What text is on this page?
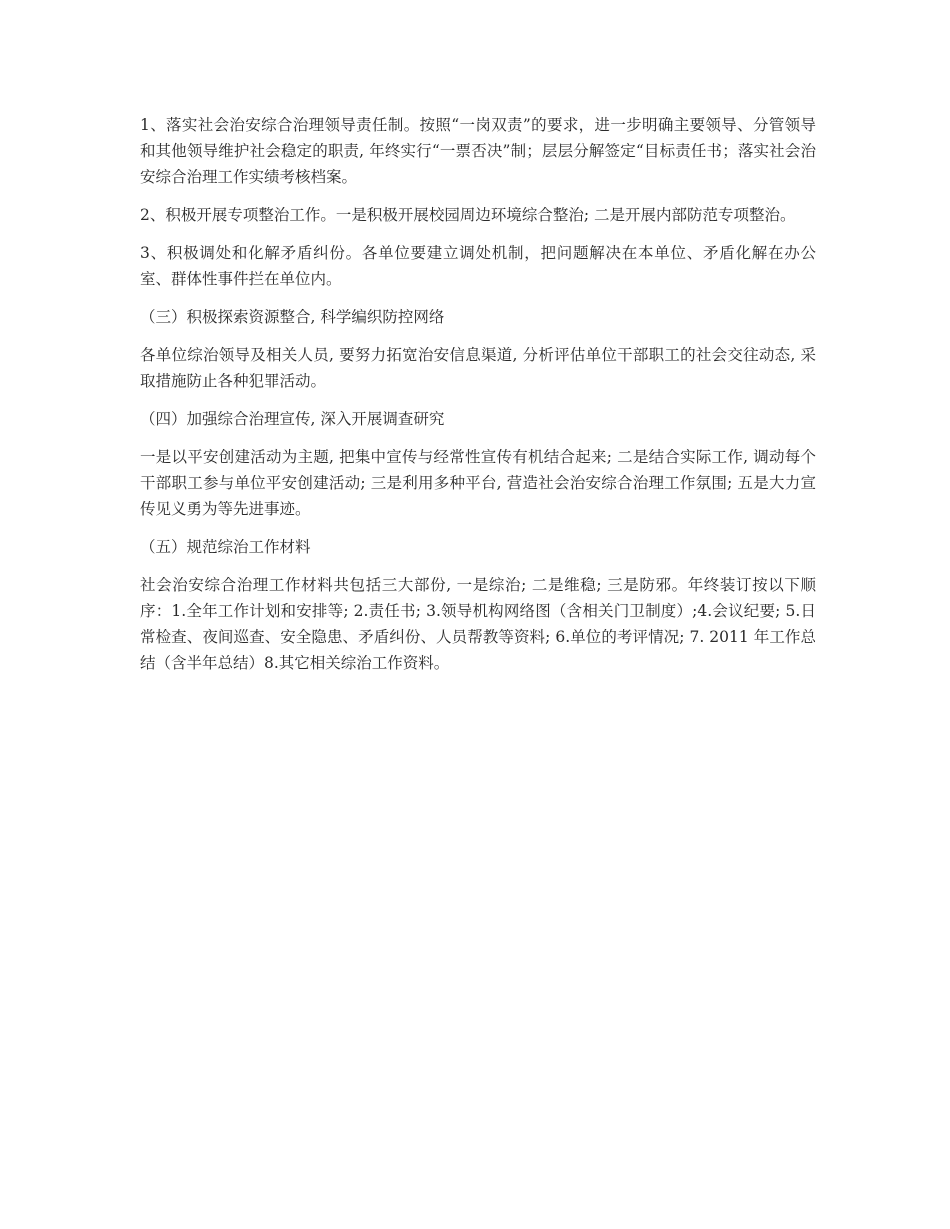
1、落实社会治安综合治理领导责任制。按照“一岗双责”的要求，进一步明确主要领导、分管领导和其他领导维护社会稳定的职责, 年终实行“一票否决”制；层层分解签定“目标责任书；落实社会治安综合治理工作实绩考核档案。

2、积极开展专项整治工作。一是积极开展校园周边环境综合整治; 二是开展内部防范专项整治。

3、积极调处和化解矛盾纠份。各单位要建立调处机制，把问题解决在本单位、矛盾化解在办公室、群体性事件拦在单位内。

（三）积极探索资源整合, 科学编织防控网络

各单位综治领导及相关人员, 要努力拓宽治安信息渠道, 分析评估单位干部职工的社会交往动态, 采取措施防止各种犯罪活动。

（四）加强综合治理宣传, 深入开展调查研究

一是以平安创建活动为主题, 把集中宣传与经常性宣传有机结合起来; 二是结合实际工作, 调动每个干部职工参与单位平安创建活动; 三是利用多种平台, 营造社会治安综合治理工作氛围; 五是大力宣传见义勇为等先进事迹。

（五）规范综治工作材料

社会治安综合治理工作材料共包括三大部份, 一是综治; 二是维稳; 三是防邪。年终装订按以下顺序：1.全年工作计划和安排等; 2.责任书; 3.领导机构网络图（含相关门卫制度）;4.会议纪要; 5.日常检查、夜间巡查、安全隐患、矛盾纠份、人员帮教等资料; 6.单位的考评情况; 7. 2011 年工作总结（含半年总结）8.其它相关综治工作资料。
